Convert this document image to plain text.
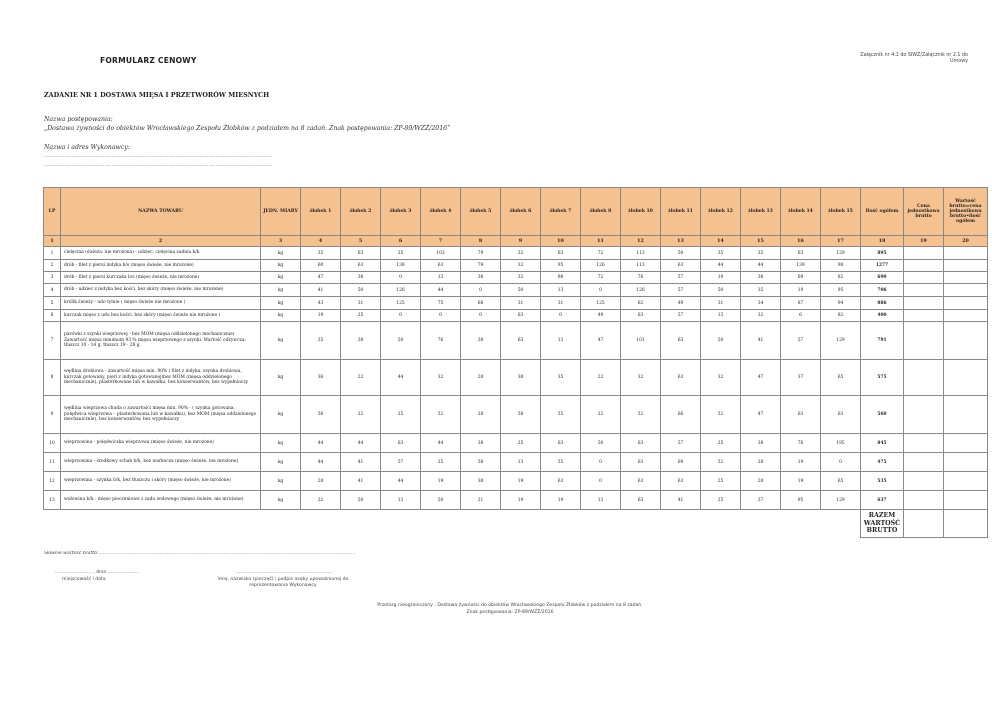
FORMULARZ CENOWY
Załącznik nr 4.1 do SIWZ/Załącznik nr 2.1 do Umowy
ZADANIE NR 1 DOSTAWA MIĘSA I PRZETWORÓW MIESNYCH
Nazwa postępowania:
„Dostawa żywności do obiektów Wrocławskiego Zespołu Żłobków z podziałem na 8 zadań. Znak postępowania: ZP-89/WZŻ/2016”
Nazwa i adres Wykonawcy:
……………………………………………………………………………………………………………………
……………………………………………………………………………………………………………………
LP	NAZWA TOWARU	JEDN. MIARY	żłobek 1	żłobek 2	żłobek 3	żłobek 4	żłobek 5	żłobek 6	żłobek 7	żłobek 8	żłobek 10	żłobek 11	żłobek 12	żłobek 13	żłobek 14	żłobek 15	Ilość ogółem	Cena jednostkowa brutto	Wartość brutto=cena jednostkowa brutto•ilość ogółem
1	2	3	4	5	6	7	8	9	10	11	12	13	14	15	16	17	18	19	20
1	cielęcina (świeża, nie mrożona) - udziec, cielęcina zadnia b/k	kg	35	63	25	103	79	32	63	72	113	50	35	35	63	129	895		
2	drób - filet z piersi indyka b/s (mięso świeże, nie mrożone)	kg	60	63	138	63	79	32	95	126	113	63	44	44	139	98	1277		
3	drób - filet z piersi kurczaka b/s (mięso świeże, nie mrożone)	kg	47	38	0	13	38	32	98	72	76	57	19	38	69	82	699		
4	drób - udziec z indyka bez kości, bez skóry (mięso świeże, nie mrożone)	kg	41	50	126	44	0	50	13	0	126	57	50	35	19	95	706		
5	królik świeży - udo tylnie ( mięso świeże nie mrożone )	kg	43	31	125	75	68	31	31	125	62	49	31	34	87	94	886		
6	kurczak mięso z udu bez kości, bez skóry (mięso świeże nie mrożone )	kg	19	25	0	0	0	63	0	49	63	57	13	32	6	82	400		
7	parówki z szynki wieprzowej - bez MOM (mięsa oddzielonego mechanicznie) Zawartość mięsa minimum 93 % mięsa wieprzowego z szynki. Wartość odżywcza: tłuszcz 10 - 14 g, tłuszcz 19 - 28 g.	kg	35	38	50	76	38	63	13	47	101	63	50	41	57	129	791		
8	wędlina drobiowa - zawartość mięsa min. 90% ( filet z indyka, szynka drobiowa, kurczak gotowany, pieri z indyka gotowanej)bez MOM (mięsa oddzielonego mechanicznie), plasterkowane lub w kawałku, bez konserwantów, bez wypełniaczy	kg	36	22	44	32	28	38	35	22	32	63	32	47	37	65	575		
9	wędlina wieprzowa chuda o zawartości mięsa min. 90% - ( szynka gotowana, polędwica wieprzowa – plasterkowana lub w kawałku), bez MOM (mięsa oddzielonego mechanicznie), bez konserwantów, bez wypełniaczy	kg	36	22	25	32	28	38	35	22	32	66	32	47	63	63	560		
10	wieprzowina - polędwiczka wieprzowa (mięso świeże, nie mrożone)	kg	44	44	63	44	38	25	63	50	63	57	25	38	76	195	845		
11	wieprzowina - środkowy schab b/k, bez warkocza (mięso świeże, nie mrożone)	kg	44	41	57	25	38	13	35	0	63	69	32	28	19	0	475		
12	wieprzowina - szynka b/k, bez tłuszczu i skóry (mięso świeże, nie mrożone)	kg	28	41	44	19	38	19	63	0	63	63	25	28	19	65	535		
13	wołowina b/k - mięso pieczeniowe z zadu wołowego (mięso świeże, nie mrożone)	kg	22	50	13	50	21	19	19	13	63	41	25	37	95	129	637		
																	RAZEM WARTOŚĆ BRUTTO		
Słownie wartość brutto:……………………………………………………………………………………………………………………………………………………
…………………… , dnia …………………
miejscowość i data
………………………………………………………
imię, nazwisko (pieczęć) i podpis osoby upoważnionej do reprezentowania Wykonawcy
Przetarg nieograniczony : Dostawa żywności do obiektów Wrocławskiego Zespołu Żłobków z podziałem na 8 zadań.
Znak postępowania: ZP-89/WZŻ/2016
